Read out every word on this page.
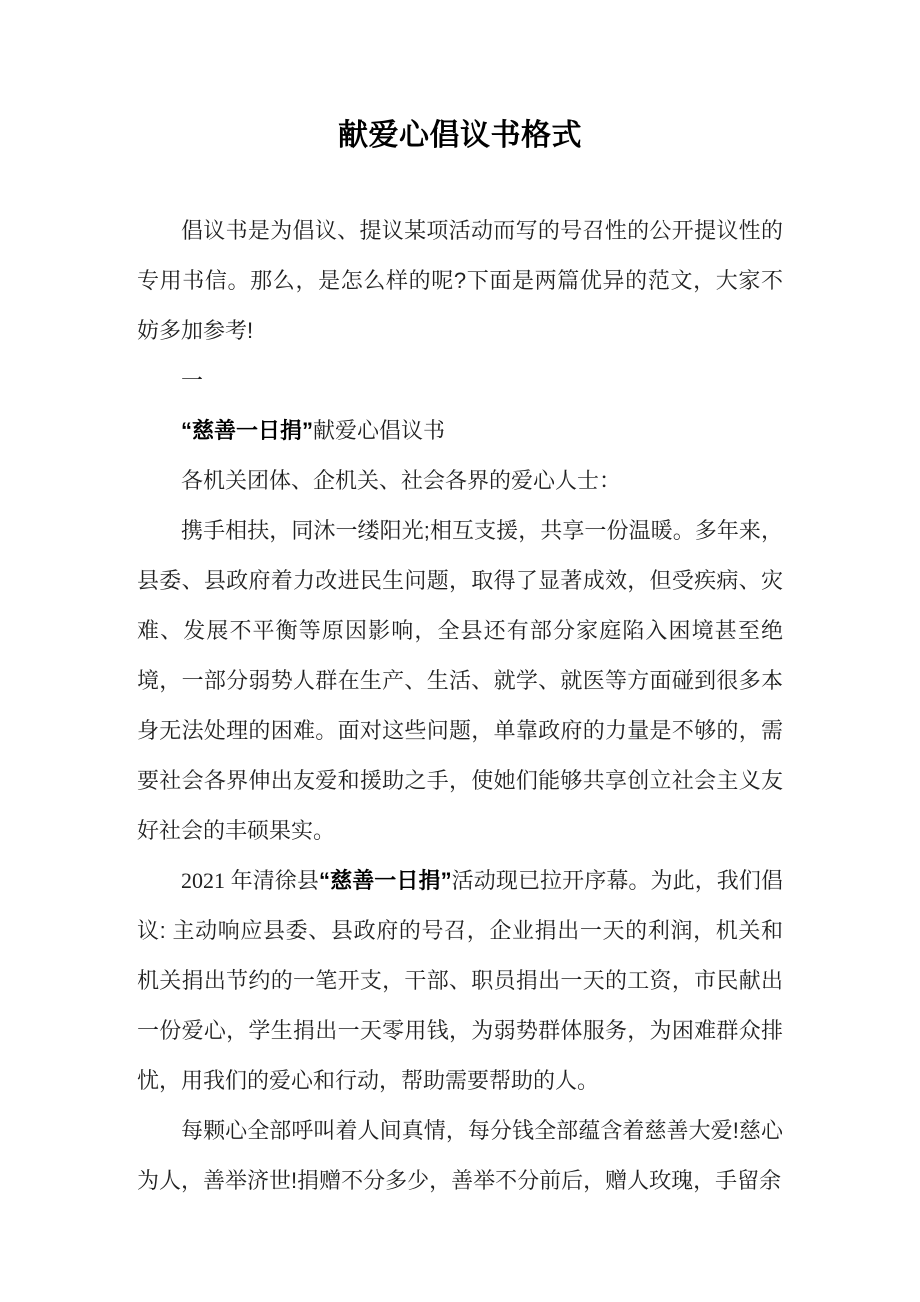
献爱心倡议书格式

倡议书是为倡议、提议某项活动而写的号召性的公开提议性的专用书信。那么，是怎么样的呢?下面是两篇优异的范文，大家不妨多加参考!

一

“慈善一日捐”献爱心倡议书

各机关团体、企机关、社会各界的爱心人士：

携手相扶，同沐一缕阳光;相互支援，共享一份温暖。多年来，县委、县政府着力改进民生问题，取得了显著成效，但受疾病、灾难、发展不平衡等原因影响，全县还有部分家庭陷入困境甚至绝境，一部分弱势人群在生产、生活、就学、就医等方面碰到很多本身无法处理的困难。面对这些问题，单靠政府的力量是不够的，需要社会各界伸出友爱和援助之手，使她们能够共享创立社会主义友好社会的丰硕果实。

2021 年清徐县“慈善一日捐”活动现已拉开序幕。为此，我们倡议: 主动响应县委、县政府的号召，企业捐出一天的利润，机关和机关捐出节约的一笔开支，干部、职员捐出一天的工资，市民献出一份爱心，学生捐出一天零用钱，为弱势群体服务，为困难群众排忧，用我们的爱心和行动，帮助需要帮助的人。

每颗心全部呼叫着人间真情，每分钱全部蕴含着慈善大爱!慈心为人，善举济世!捐赠不分多少，善举不分前后，赠人玫瑰，手留余
